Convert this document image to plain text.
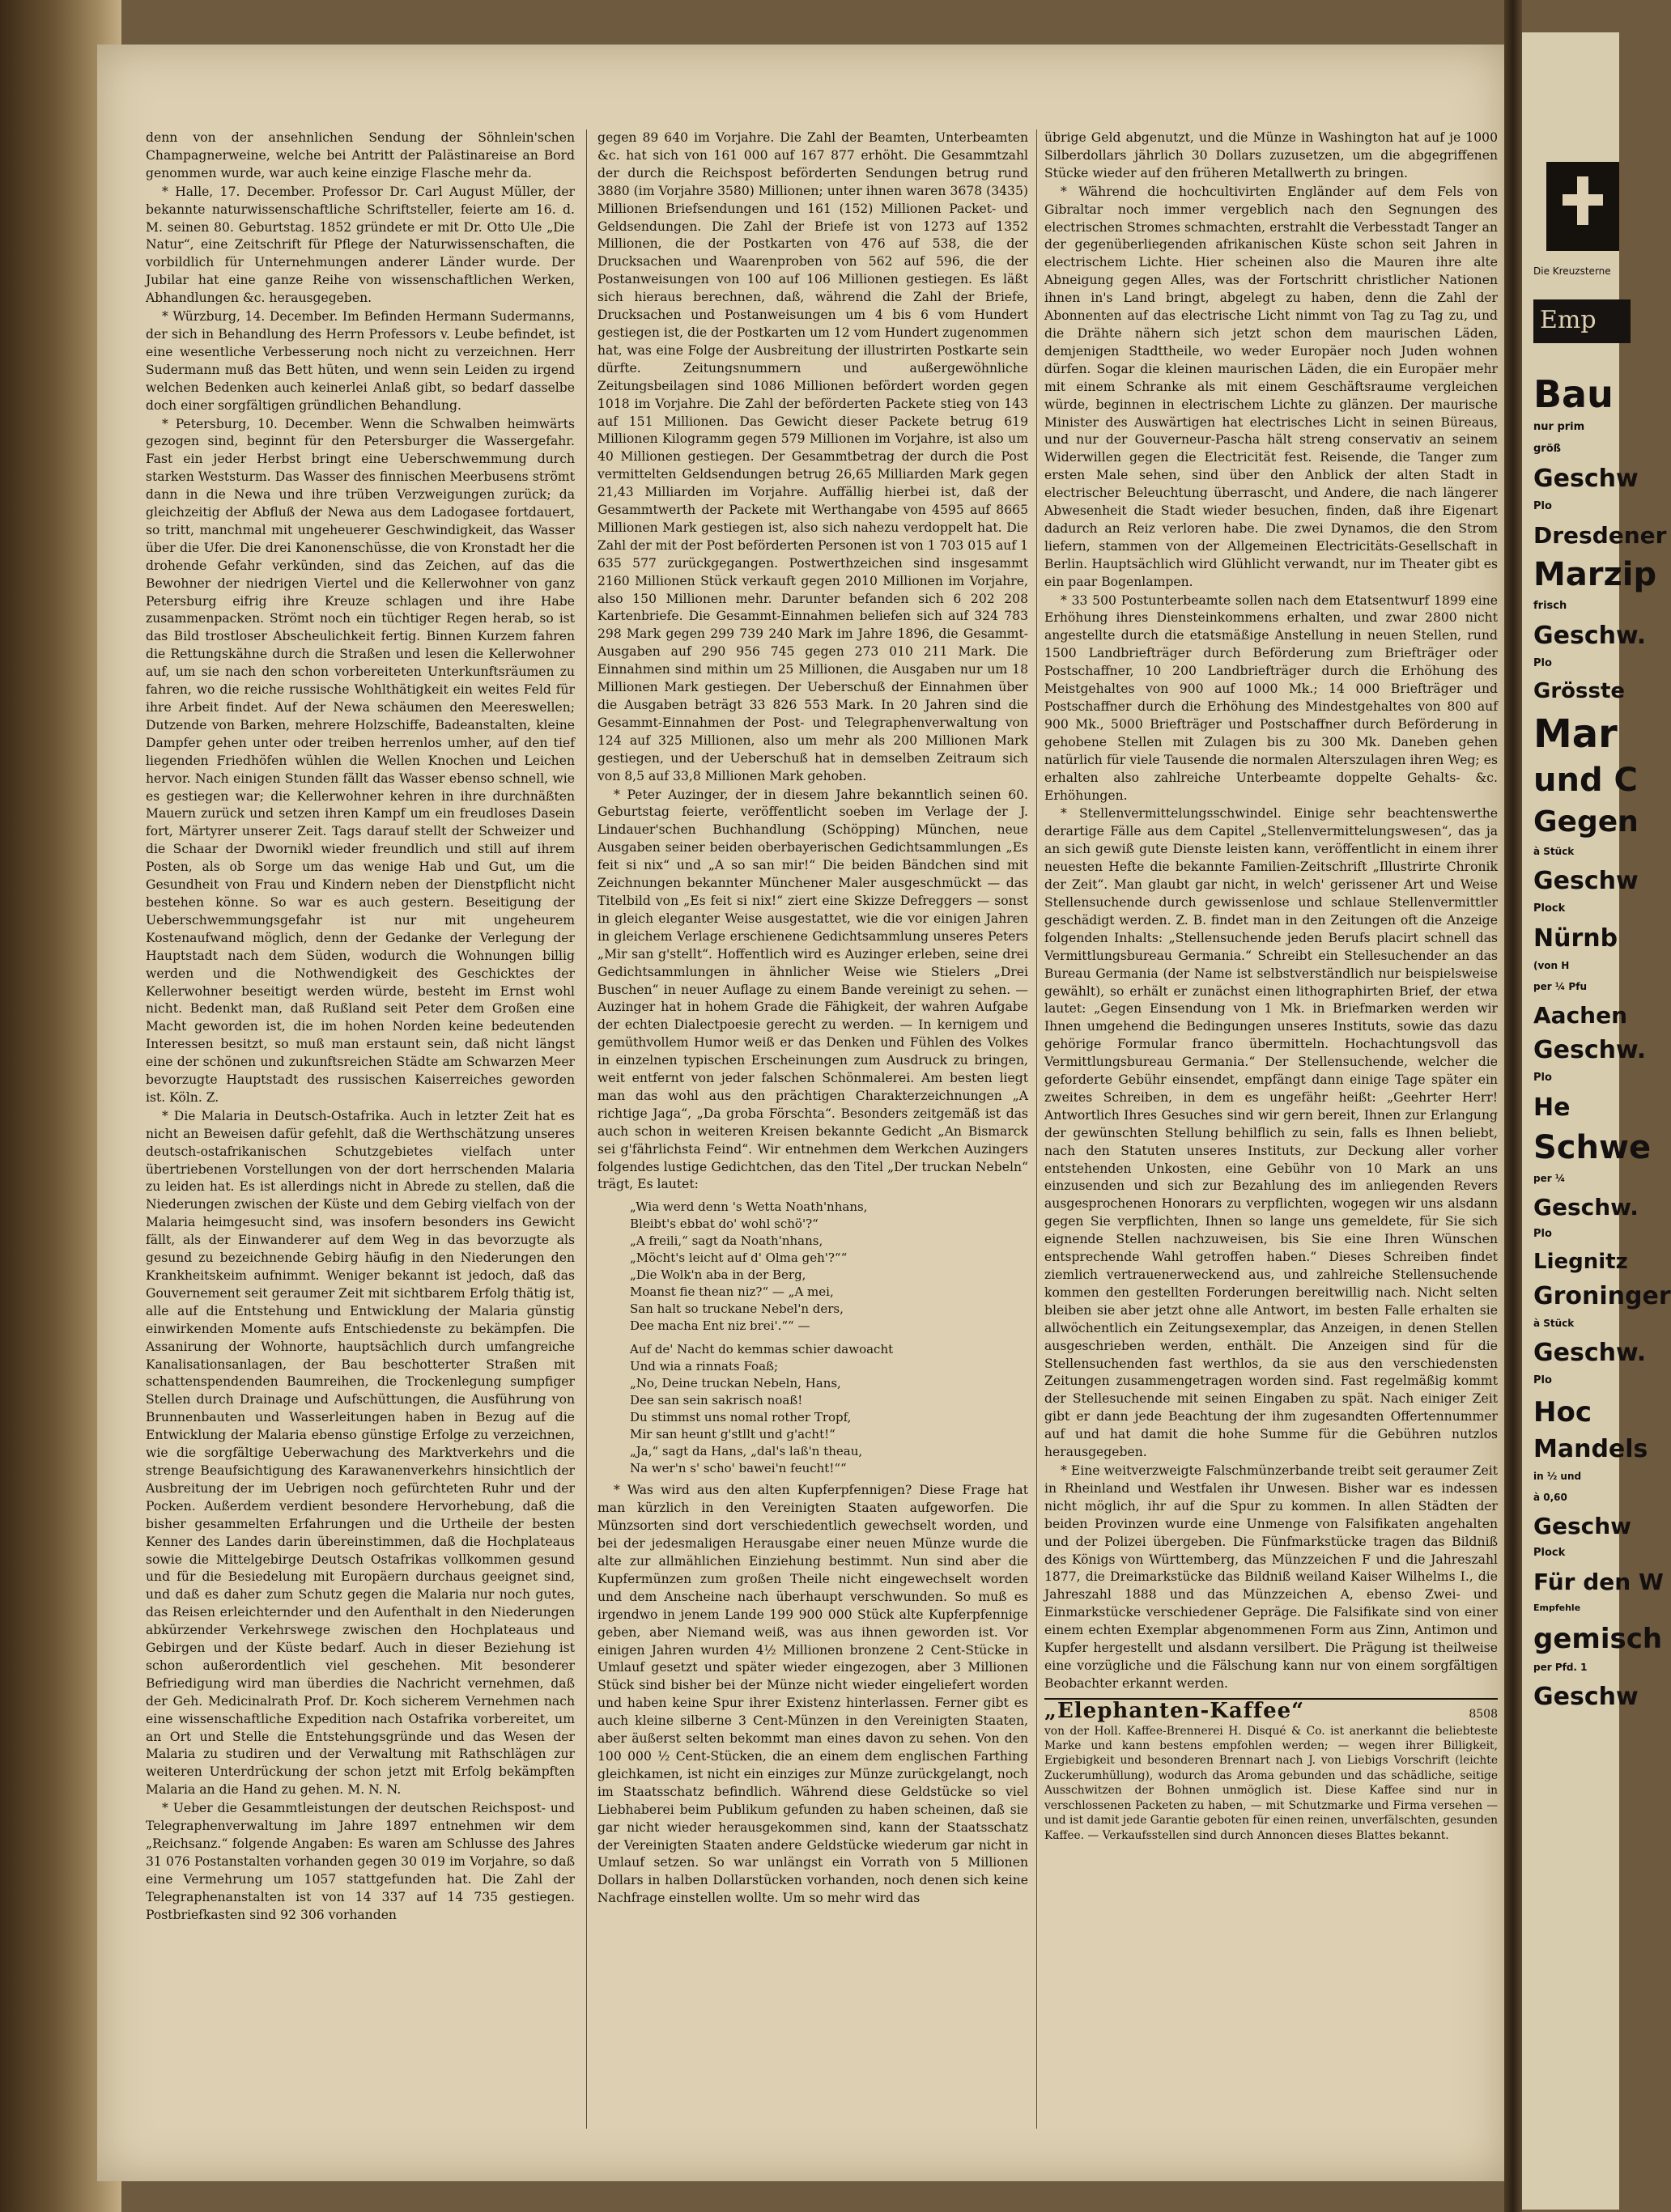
denn von der ansehnlichen Sendung der Söhnlein'schen Champagnerweine, welche bei Antritt der Palästinareise an Bord genommen wurde, war auch keine einzige Flasche mehr da.

* Halle, 17. December. Professor Dr. Carl August Müller, der bekannte naturwissenschaftliche Schriftsteller, feierte am 16. d. M. seinen 80. Geburtstag. 1852 gründete er mit Dr. Otto Ule „Die Natur“, eine Zeitschrift für Pflege der Naturwissenschaften, die vorbildlich für Unternehmungen anderer Länder wurde. Der Jubilar hat eine ganze Reihe von wissenschaftlichen Werken, Abhandlungen &c. herausgegeben.

* Würzburg, 14. December. Im Befinden Hermann Sudermanns, der sich in Behandlung des Herrn Professors v. Leube befindet, ist eine wesentliche Verbesserung noch nicht zu verzeichnen. Herr Sudermann muß das Bett hüten, und wenn sein Leiden zu irgend welchen Bedenken auch keinerlei Anlaß gibt, so bedarf dasselbe doch einer sorgfältigen gründlichen Behandlung.

* Petersburg, 10. December. Wenn die Schwalben heimwärts gezogen sind, beginnt für den Petersburger die Wassergefahr. Fast ein jeder Herbst bringt eine Ueberschwemmung durch starken Weststurm. Das Wasser des finnischen Meerbusens strömt dann in die Newa und ihre trüben Verzweigungen zurück; da gleichzeitig der Abfluß der Newa aus dem Ladogasee fortdauert, so tritt, manchmal mit ungeheuerer Geschwindigkeit, das Wasser über die Ufer. Die drei Kanonenschüsse, die von Kronstadt her die drohende Gefahr verkünden, sind das Zeichen, auf das die Bewohner der niedrigen Viertel und die Kellerwohner von ganz Petersburg eifrig ihre Kreuze schlagen und ihre Habe zusammenpacken. Strömt noch ein tüchtiger Regen herab, so ist das Bild trostloser Abscheulichkeit fertig. Binnen Kurzem fahren die Rettungskähne durch die Straßen und lesen die Kellerwohner auf, um sie nach den schon vorbereiteten Unterkunftsräumen zu fahren, wo die reiche russische Wohlthätigkeit ein weites Feld für ihre Arbeit findet. Auf der Newa schäumen den Meereswellen; Dutzende von Barken, mehrere Holzschiffe, Badeanstalten, kleine Dampfer gehen unter oder treiben herrenlos umher, auf den tief liegenden Friedhöfen wühlen die Wellen Knochen und Leichen hervor. Nach einigen Stunden fällt das Wasser ebenso schnell, wie es gestiegen war; die Kellerwohner kehren in ihre durchnäßten Mauern zurück und setzen ihren Kampf um ein freudloses Dasein fort, Märtyrer unserer Zeit. Tags darauf stellt der Schweizer und die Schaar der Dwornikl wieder freundlich und still auf ihrem Posten, als ob Sorge um das wenige Hab und Gut, um die Gesundheit von Frau und Kindern neben der Dienstpflicht nicht bestehen könne. So war es auch gestern. Beseitigung der Ueberschwemmungsgefahr ist nur mit ungeheurem Kostenaufwand möglich, denn der Gedanke der Verlegung der Hauptstadt nach dem Süden, wodurch die Wohnungen billig werden und die Nothwendigkeit des Geschicktes der Kellerwohner beseitigt werden würde, besteht im Ernst wohl nicht. Bedenkt man, daß Rußland seit Peter dem Großen eine Macht geworden ist, die im hohen Norden keine bedeutenden Interessen besitzt, so muß man erstaunt sein, daß nicht längst eine der schönen und zukunftsreichen Städte am Schwarzen Meer bevorzugte Hauptstadt des russischen Kaiserreiches geworden ist. Köln. Z.

* Die Malaria in Deutsch-Ostafrika. Auch in letzter Zeit hat es nicht an Beweisen dafür gefehlt, daß die Werthschätzung unseres deutsch-ostafrikanischen Schutzgebietes vielfach unter übertriebenen Vorstellungen von der dort herrschenden Malaria zu leiden hat. Es ist allerdings nicht in Abrede zu stellen, daß die Niederungen zwischen der Küste und dem Gebirg vielfach von der Malaria heimgesucht sind, was insofern besonders ins Gewicht fällt, als der Einwanderer auf dem Weg in das bevorzugte als gesund zu bezeichnende Gebirg häufig in den Niederungen den Krankheitskeim aufnimmt. Weniger bekannt ist jedoch, daß das Gouvernement seit geraumer Zeit mit sichtbarem Erfolg thätig ist, alle auf die Entstehung und Entwicklung der Malaria günstig einwirkenden Momente aufs Entschiedenste zu bekämpfen. Die Assanirung der Wohnorte, hauptsächlich durch umfangreiche Kanalisationsanlagen, der Bau beschotterter Straßen mit schattenspendenden Baumreihen, die Trockenlegung sumpfiger Stellen durch Drainage und Aufschüttungen, die Ausführung von Brunnenbauten und Wasserleitungen haben in Bezug auf die Entwicklung der Malaria ebenso günstige Erfolge zu verzeichnen, wie die sorgfältige Ueberwachung des Marktverkehrs und die strenge Beaufsichtigung des Karawanenverkehrs hinsichtlich der Ausbreitung der im Uebrigen noch gefürchteten Ruhr und der Pocken. Außerdem verdient besondere Hervorhebung, daß die bisher gesammelten Erfahrungen und die Urtheile der besten Kenner des Landes darin übereinstimmen, daß die Hochplateaus sowie die Mittelgebirge Deutsch Ostafrikas vollkommen gesund und für die Besiedelung mit Europäern durchaus geeignet sind, und daß es daher zum Schutz gegen die Malaria nur noch gutes, das Reisen erleichternder und den Aufenthalt in den Niederungen abkürzender Verkehrswege zwischen den Hochplateaus und Gebirgen und der Küste bedarf. Auch in dieser Beziehung ist schon außerordentlich viel geschehen. Mit besonderer Befriedigung wird man überdies die Nachricht vernehmen, daß der Geh. Medicinalrath Prof. Dr. Koch sicherem Vernehmen nach eine wissenschaftliche Expedition nach Ostafrika vorbereitet, um an Ort und Stelle die Entstehungsgründe und das Wesen der Malaria zu studiren und der Verwaltung mit Rathschlägen zur weiteren Unterdrückung der schon jetzt mit Erfolg bekämpften Malaria an die Hand zu gehen. M. N. N.

* Ueber die Gesammtleistungen der deutschen Reichspost- und Telegraphenverwaltung im Jahre 1897 entnehmen wir dem „Reichsanz.“ folgende Angaben: Es waren am Schlusse des Jahres 31 076 Postanstalten vorhanden gegen 30 019 im Vorjahre, so daß eine Vermehrung um 1057 stattgefunden hat. Die Zahl der Telegraphenanstalten ist von 14 337 auf 14 735 gestiegen. Postbriefkasten sind 92 306 vorhanden

gegen 89 640 im Vorjahre. Die Zahl der Beamten, Unterbeamten &c. hat sich von 161 000 auf 167 877 erhöht. Die Gesammtzahl der durch die Reichspost beförderten Sendungen betrug rund 3880 (im Vorjahre 3580) Millionen; unter ihnen waren 3678 (3435) Millionen Briefsendungen und 161 (152) Millionen Packet- und Geldsendungen. Die Zahl der Briefe ist von 1273 auf 1352 Millionen, die der Postkarten von 476 auf 538, die der Drucksachen und Waarenproben von 562 auf 596, die der Postanweisungen von 100 auf 106 Millionen gestiegen. Es läßt sich hieraus berechnen, daß, während die Zahl der Briefe, Drucksachen und Postanweisungen um 4 bis 6 vom Hundert gestiegen ist, die der Postkarten um 12 vom Hundert zugenommen hat, was eine Folge der Ausbreitung der illustrirten Postkarte sein dürfte. Zeitungsnummern und außergewöhnliche Zeitungsbeilagen sind 1086 Millionen befördert worden gegen 1018 im Vorjahre. Die Zahl der beförderten Packete stieg von 143 auf 151 Millionen. Das Gewicht dieser Packete betrug 619 Millionen Kilogramm gegen 579 Millionen im Vorjahre, ist also um 40 Millionen gestiegen. Der Gesammtbetrag der durch die Post vermittelten Geldsendungen betrug 26,65 Milliarden Mark gegen 21,43 Milliarden im Vorjahre. Auffällig hierbei ist, daß der Gesammtwerth der Packete mit Werthangabe von 4595 auf 8665 Millionen Mark gestiegen ist, also sich nahezu verdoppelt hat. Die Zahl der mit der Post beförderten Personen ist von 1 703 015 auf 1 635 577 zurückgegangen. Postwerthzeichen sind insgesammt 2160 Millionen Stück verkauft gegen 2010 Millionen im Vorjahre, also 150 Millionen mehr. Darunter befanden sich 6 202 208 Kartenbriefe. Die Gesammt-Einnahmen beliefen sich auf 324 783 298 Mark gegen 299 739 240 Mark im Jahre 1896, die Gesammt-Ausgaben auf 290 956 745 gegen 273 010 211 Mark. Die Einnahmen sind mithin um 25 Millionen, die Ausgaben nur um 18 Millionen Mark gestiegen. Der Ueberschuß der Einnahmen über die Ausgaben beträgt 33 826 553 Mark. In 20 Jahren sind die Gesammt-Einnahmen der Post- und Telegraphenverwaltung von 124 auf 325 Millionen, also um mehr als 200 Millionen Mark gestiegen, und der Ueberschuß hat in demselben Zeitraum sich von 8,5 auf 33,8 Millionen Mark gehoben.

* Peter Auzinger, der in diesem Jahre bekanntlich seinen 60. Geburtstag feierte, veröffentlicht soeben im Verlage der J. Lindauer'schen Buchhandlung (Schöpping) München, neue Ausgaben seiner beiden oberbayerischen Gedichtsammlungen „Es feit si nix“ und „A so san mir!“ Die beiden Bändchen sind mit Zeichnungen bekannter Münchener Maler ausgeschmückt — das Titelbild von „Es feit si nix!“ ziert eine Skizze Defreggers — sonst in gleich eleganter Weise ausgestattet, wie die vor einigen Jahren in gleichem Verlage erschienene Gedichtsammlung unseres Peters „Mir san g'stellt“. Hoffentlich wird es Auzinger erleben, seine drei Gedichtsammlungen in ähnlicher Weise wie Stielers „Drei Buschen“ in neuer Auflage zu einem Bande vereinigt zu sehen. — Auzinger hat in hohem Grade die Fähigkeit, der wahren Aufgabe der echten Dialectpoesie gerecht zu werden. — In kernigem und gemüthvollem Humor weiß er das Denken und Fühlen des Volkes in einzelnen typischen Erscheinungen zum Ausdruck zu bringen, weit entfernt von jeder falschen Schönmalerei. Am besten liegt man das wohl aus den prächtigen Charakterzeichnungen „A richtige Jaga“, „Da groba Förschta“. Besonders zeitgemäß ist das auch schon in weiteren Kreisen bekannte Gedicht „An Bismarck sei g'fährlichsta Feind“. Wir entnehmen dem Werkchen Auzingers folgendes lustige Gedichtchen, das den Titel „Der truckan Nebeln“ trägt, Es lautet:

„Wia werd denn 's Wetta Noath'nhans,
Bleibt's ebbat do' wohl schö'?“
„A freili,“ sagt da Noath'nhans,
„Möcht's leicht auf d' Olma geh'?““
„Die Wolk'n aba in der Berg,
Moanst fie thean niz?“ — „A mei,
San halt so truckane Nebel'n ders,
Dee macha Ent niz brei'.““ —
Auf de' Nacht do kemmas schier dawoacht
Und wia a rinnats Foaß;
„No, Deine truckan Nebeln, Hans,
Dee san sein sakrisch noaß!
Du stimmst uns nomal rother Tropf,
Mir san heunt g'stllt und g'acht!“
„Ja,“ sagt da Hans, „dal's laß'n theau,
Na wer'n s' scho' bawei'n feucht!““

* Was wird aus den alten Kupferpfennigen? Diese Frage hat man kürzlich in den Vereinigten Staaten aufgeworfen. Die Münzsorten sind dort verschiedentlich gewechselt worden, und bei der jedesmaligen Herausgabe einer neuen Münze wurde die alte zur allmählichen Einziehung bestimmt. Nun sind aber die Kupfermünzen zum großen Theile nicht eingewechselt worden und dem Anscheine nach überhaupt verschwunden. So muß es irgendwo in jenem Lande 199 900 000 Stück alte Kupferpfennige geben, aber Niemand weiß, was aus ihnen geworden ist. Vor einigen Jahren wurden 4½ Millionen bronzene 2 Cent-Stücke in Umlauf gesetzt und später wieder eingezogen, aber 3 Millionen Stück sind bisher bei der Münze nicht wieder eingeliefert worden und haben keine Spur ihrer Existenz hinterlassen. Ferner gibt es auch kleine silberne 3 Cent-Münzen in den Vereinigten Staaten, aber äußerst selten bekommt man eines davon zu sehen. Von den 100 000 ½ Cent-Stücken, die an einem dem englischen Farthing gleichkamen, ist nicht ein einziges zur Münze zurückgelangt, noch im Staatsschatz befindlich. Während diese Geldstücke so viel Liebhaberei beim Publikum gefunden zu haben scheinen, daß sie gar nicht wieder herausgekommen sind, kann der Staatsschatz der Vereinigten Staaten andere Geldstücke wiederum gar nicht in Umlauf setzen. So war unlängst ein Vorrath von 5 Millionen Dollars in halben Dollarstücken vorhanden, noch denen sich keine Nachfrage einstellen wollte. Um so mehr wird das

übrige Geld abgenutzt, und die Münze in Washington hat auf je 1000 Silberdollars jährlich 30 Dollars zuzusetzen, um die abgegriffenen Stücke wieder auf den früheren Metallwerth zu bringen.

* Während die hochcultivirten Engländer auf dem Fels von Gibraltar noch immer vergeblich nach den Segnungen des electrischen Stromes schmachten, erstrahlt die Verbesstadt Tanger an der gegenüberliegenden afrikanischen Küste schon seit Jahren in electrischem Lichte. Hier scheinen also die Mauren ihre alte Abneigung gegen Alles, was der Fortschritt christlicher Nationen ihnen in's Land bringt, abgelegt zu haben, denn die Zahl der Abonnenten auf das electrische Licht nimmt von Tag zu Tag zu, und die Drähte nähern sich jetzt schon dem maurischen Läden, demjenigen Stadttheile, wo weder Europäer noch Juden wohnen dürfen. Sogar die kleinen maurischen Läden, die ein Europäer mehr mit einem Schranke als mit einem Geschäftsraume vergleichen würde, beginnen in electrischem Lichte zu glänzen. Der maurische Minister des Auswärtigen hat electrisches Licht in seinen Büreaus, und nur der Gouverneur-Pascha hält streng conservativ an seinem Widerwillen gegen die Electricität fest. Reisende, die Tanger zum ersten Male sehen, sind über den Anblick der alten Stadt in electrischer Beleuchtung überrascht, und Andere, die nach längerer Abwesenheit die Stadt wieder besuchen, finden, daß ihre Eigenart dadurch an Reiz verloren habe. Die zwei Dynamos, die den Strom liefern, stammen von der Allgemeinen Electricitäts-Gesellschaft in Berlin. Hauptsächlich wird Glühlicht verwandt, nur im Theater gibt es ein paar Bogenlampen.

* 33 500 Postunterbeamte sollen nach dem Etatsentwurf 1899 eine Erhöhung ihres Diensteinkommens erhalten, und zwar 2800 nicht angestellte durch die etatsmäßige Anstellung in neuen Stellen, rund 1500 Landbriefträger durch Beförderung zum Briefträger oder Postschaffner, 10 200 Landbriefträger durch die Erhöhung des Meistgehaltes von 900 auf 1000 Mk.; 14 000 Briefträger und Postschaffner durch die Erhöhung des Mindestgehaltes von 800 auf 900 Mk., 5000 Briefträger und Postschaffner durch Beförderung in gehobene Stellen mit Zulagen bis zu 300 Mk. Daneben gehen natürlich für viele Tausende die normalen Alterszulagen ihren Weg; es erhalten also zahlreiche Unterbeamte doppelte Gehalts- &c. Erhöhungen.

* Stellenvermittelungsschwindel. Einige sehr beachtenswerthe derartige Fälle aus dem Capitel „Stellenvermittelungswesen“, das ja an sich gewiß gute Dienste leisten kann, veröffentlicht in einem ihrer neuesten Hefte die bekannte Familien-Zeitschrift „Illustrirte Chronik der Zeit“. Man glaubt gar nicht, in welch' gerissener Art und Weise Stellensuchende durch gewissenlose und schlaue Stellenvermittler geschädigt werden. Z. B. findet man in den Zeitungen oft die Anzeige folgenden Inhalts: „Stellensuchende jeden Berufs placirt schnell das Vermittlungsbureau Germania.“ Schreibt ein Stellesuchender an das Bureau Germania (der Name ist selbstverständlich nur beispielsweise gewählt), so erhält er zunächst einen lithographirten Brief, der etwa lautet: „Gegen Einsendung von 1 Mk. in Briefmarken werden wir Ihnen umgehend die Bedingungen unseres Instituts, sowie das dazu gehörige Formular franco übermitteln. Hochachtungsvoll das Vermittlungsbureau Germania.“ Der Stellensuchende, welcher die geforderte Gebühr einsendet, empfängt dann einige Tage später ein zweites Schreiben, in dem es ungefähr heißt: „Geehrter Herr! Antwortlich Ihres Gesuches sind wir gern bereit, Ihnen zur Erlangung der gewünschten Stellung behilflich zu sein, falls es Ihnen beliebt, nach den Statuten unseres Instituts, zur Deckung aller vorher entstehenden Unkosten, eine Gebühr von 10 Mark an uns einzusenden und sich zur Bezahlung des im anliegenden Revers ausgesprochenen Honorars zu verpflichten, wogegen wir uns alsdann gegen Sie verpflichten, Ihnen so lange uns gemeldete, für Sie sich eignende Stellen nachzuweisen, bis Sie eine Ihren Wünschen entsprechende Wahl getroffen haben.“ Dieses Schreiben findet ziemlich vertrauenerweckend aus, und zahlreiche Stellensuchende kommen den gestellten Forderungen bereitwillig nach. Nicht selten bleiben sie aber jetzt ohne alle Antwort, im besten Falle erhalten sie allwöchentlich ein Zeitungsexemplar, das Anzeigen, in denen Stellen ausgeschrieben werden, enthält. Die Anzeigen sind für die Stellensuchenden fast werthlos, da sie aus den verschiedensten Zeitungen zusammengetragen worden sind. Fast regelmäßig kommt der Stellesuchende mit seinen Eingaben zu spät. Nach einiger Zeit gibt er dann jede Beachtung der ihm zugesandten Offertennummer auf und hat damit die hohe Summe für die Gebühren nutzlos herausgegeben.

* Eine weitverzweigte Falschmünzerbande treibt seit geraumer Zeit in Rheinland und Westfalen ihr Unwesen. Bisher war es indessen nicht möglich, ihr auf die Spur zu kommen. In allen Städten der beiden Provinzen wurde eine Unmenge von Falsifikaten angehalten und der Polizei übergeben. Die Fünfmarkstücke tragen das Bildniß des Königs von Württemberg, das Münzzeichen F und die Jahreszahl 1877, die Dreimarkstücke das Bildniß weiland Kaiser Wilhelms I., die Jahreszahl 1888 und das Münzzeichen A, ebenso Zwei- und Einmarkstücke verschiedener Gepräge. Die Falsifikate sind von einer einem echten Exemplar abgenommenen Form aus Zinn, Antimon und Kupfer hergestellt und alsdann versilbert. Die Prägung ist theilweise eine vorzügliche und die Fälschung kann nur von einem sorgfältigen Beobachter erkannt werden.

„Elephanten-Kaffee“	8508
von der Holl. Kaffee-Brennerei H. Disqué & Co. ist anerkannt die beliebteste Marke und kann bestens empfohlen werden; — wegen ihrer Billigkeit, Ergiebigkeit und besonderen Brennart nach J. von Liebigs Vorschrift (leichte Zuckerumhüllung), wodurch das Aroma gebunden und das schädliche, seitige Ausschwitzen der Bohnen unmöglich ist. Diese Kaffee sind nur in verschlossenen Packeten zu haben, — mit Schutzmarke und Firma versehen — und ist damit jede Garantie geboten für einen reinen, unverfälschten, gesunden Kaffee. — Verkaufsstellen sind durch Annoncen dieses Blattes bekannt.
Die Kreuzsterne
Emp
Bau
nur prim
größ
Geschw
Plo
Dresdener
Marzip
frisch
Geschw.
Plo
Grösste
Mar
und C
Gegen
à Stück
Geschw
Plock
Nürnb
(von H
per ¼ Pfu
Aachen
Geschw.
Plo
He
Schwe
per ¼
Geschw.
Plo
Liegnitz
Groninger
à Stück
Geschw.
Plo
Hoc
Mandels
in ½ und
à 0,60
Geschw
Plock
Für den W
Empfehle
gemisch
per Pfd. 1
Geschw
